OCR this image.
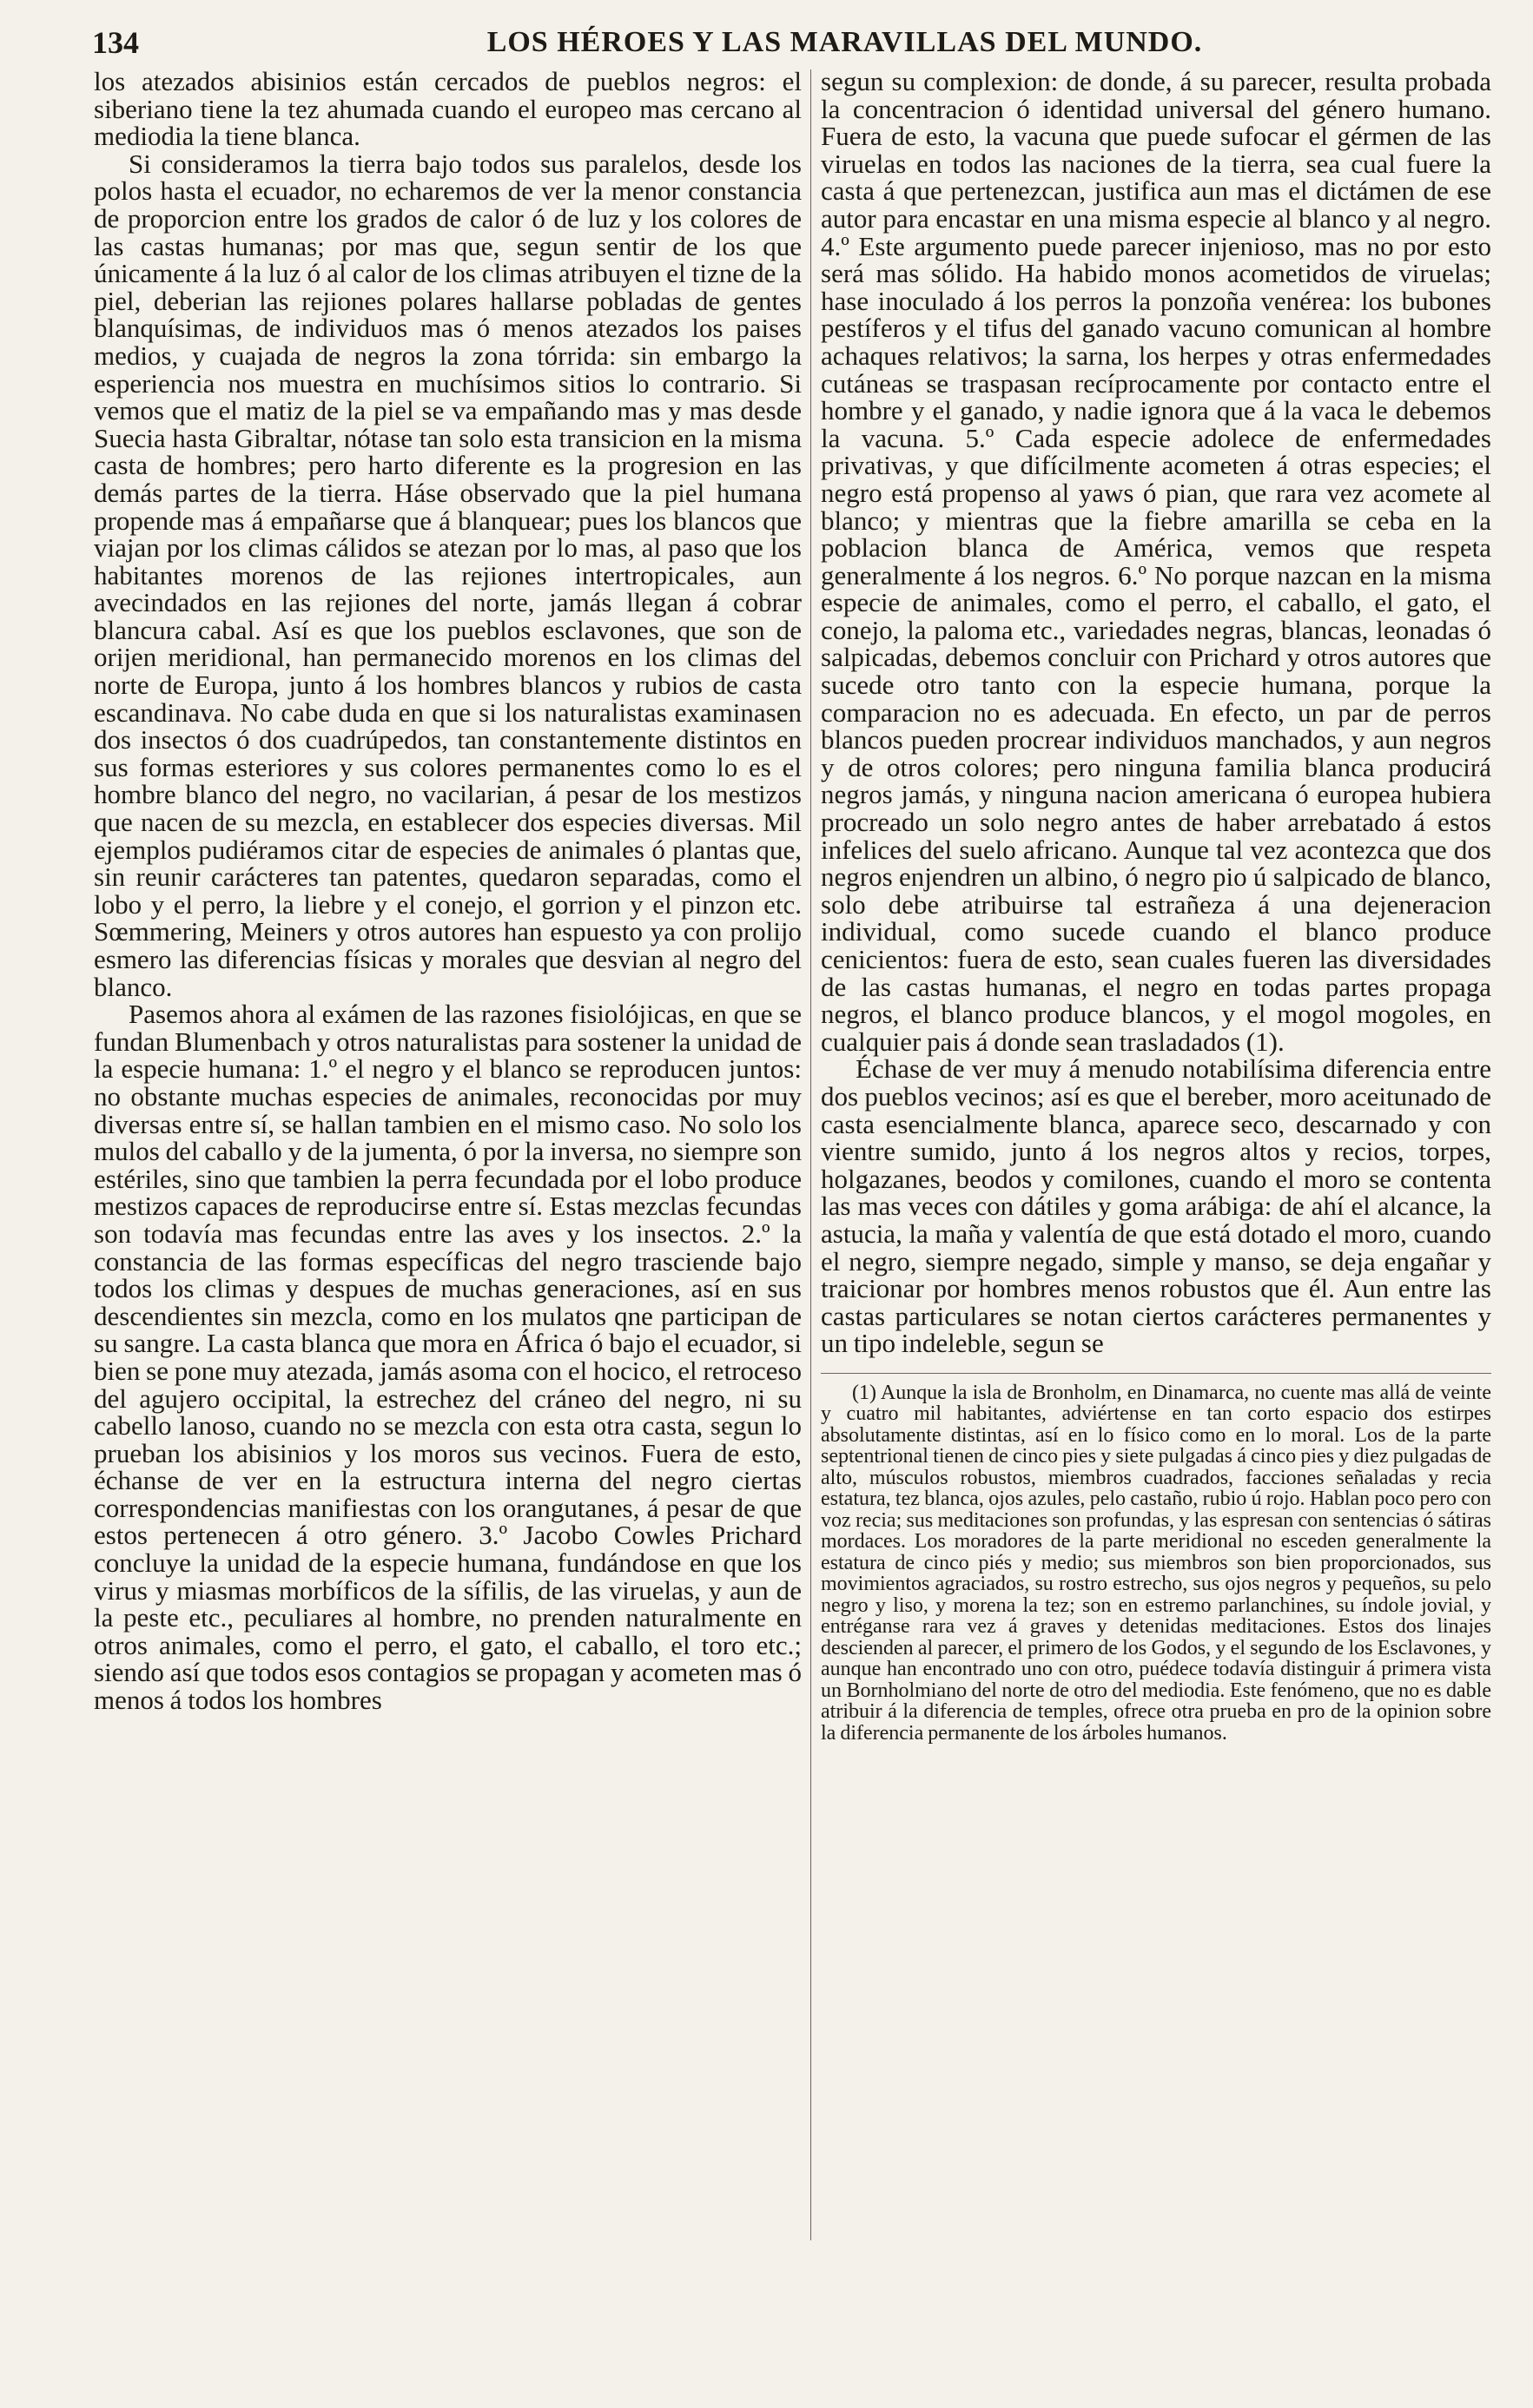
134	LOS HÉROES Y LAS MARAVILLAS DEL MUNDO.

los atezados abisinios están cercados de pueblos negros: el siberiano tiene la tez ahumada cuando el europeo mas cercano al mediodia la tiene blanca.

Si consideramos la tierra bajo todos sus paralelos, desde los polos hasta el ecuador, no echaremos de ver la menor constancia de proporcion entre los grados de calor ó de luz y los colores de las castas humanas; por mas que, segun sentir de los que únicamente á la luz ó al calor de los climas atribuyen el tizne de la piel, deberian las rejiones polares hallarse pobladas de gentes blanquísimas, de individuos mas ó menos atezados los paises medios, y cuajada de negros la zona tórrida: sin embargo la esperiencia nos muestra en muchísimos sitios lo contrario. Si vemos que el matiz de la piel se va empañando mas y mas desde Suecia hasta Gibraltar, nótase tan solo esta transicion en la misma casta de hombres; pero harto diferente es la progresion en las demás partes de la tierra. Háse observado que la piel humana propende mas á empañarse que á blanquear; pues los blancos que viajan por los climas cálidos se atezan por lo mas, al paso que los habitantes morenos de las rejiones intertropicales, aun avecindados en las rejiones del norte, jamás llegan á cobrar blancura cabal. Así es que los pueblos esclavones, que son de orijen meridional, han permanecido morenos en los climas del norte de Europa, junto á los hombres blancos y rubios de casta escandinava. No cabe duda en que si los naturalistas examinasen dos insectos ó dos cuadrúpedos, tan constantemente distintos en sus formas esteriores y sus colores permanentes como lo es el hombre blanco del negro, no vacilarian, á pesar de los mestizos que nacen de su mezcla, en establecer dos especies diversas. Mil ejemplos pudiéramos citar de especies de animales ó plantas que, sin reunir carácteres tan patentes, quedaron separadas, como el lobo y el perro, la liebre y el conejo, el gorrion y el pinzon etc. Sœmmering, Meiners y otros autores han espuesto ya con prolijo esmero las diferencias físicas y morales que desvian al negro del blanco.

Pasemos ahora al exámen de las razones fisiolójicas, en que se fundan Blumenbach y otros naturalistas para sostener la unidad de la especie humana: 1.º el negro y el blanco se reproducen juntos: no obstante muchas especies de animales, reconocidas por muy diversas entre sí, se hallan tambien en el mismo caso. No solo los mulos del caballo y de la jumenta, ó por la inversa, no siempre son estériles, sino que tambien la perra fecundada por el lobo produce mestizos capaces de reproducirse entre sí. Estas mezclas fecundas son todavía mas fecundas entre las aves y los insectos. 2.º la constancia de las formas específicas del negro trasciende bajo todos los climas y despues de muchas generaciones, así en sus descendientes sin mezcla, como en los mulatos qne participan de su sangre. La casta blanca que mora en África ó bajo el ecuador, si bien se pone muy atezada, jamás asoma con el hocico, el retroceso del agujero occipital, la estrechez del cráneo del negro, ni su cabello lanoso, cuando no se mezcla con esta otra casta, segun lo prueban los abisinios y los moros sus vecinos. Fuera de esto, échanse de ver en la estructura interna del negro ciertas correspondencias manifiestas con los orangutanes, á pesar de que estos pertenecen á otro género. 3.º Jacobo Cowles Prichard concluye la unidad de la especie humana, fundándose en que los virus y miasmas morbíficos de la sífilis, de las viruelas, y aun de la peste etc., peculiares al hombre, no prenden naturalmente en otros animales, como el perro, el gato, el caballo, el toro etc.; siendo así que todos esos contagios se propagan y acometen mas ó menos á todos los hombres

segun su complexion: de donde, á su parecer, resulta probada la concentracion ó identidad universal del género humano. Fuera de esto, la vacuna que puede sufocar el gérmen de las viruelas en todos las naciones de la tierra, sea cual fuere la casta á que pertenezcan, justifica aun mas el dictámen de ese autor para encastar en una misma especie al blanco y al negro. 4.º Este argumento puede parecer injenioso, mas no por esto será mas sólido. Ha habido monos acometidos de viruelas; hase inoculado á los perros la ponzoña venérea: los bubones pestíferos y el tifus del ganado vacuno comunican al hombre achaques relativos; la sarna, los herpes y otras enfermedades cutáneas se traspasan recíprocamente por contacto entre el hombre y el ganado, y nadie ignora que á la vaca le debemos la vacuna. 5.º Cada especie adolece de enfermedades privativas, y que difícilmente acometen á otras especies; el negro está propenso al yaws ó pian, que rara vez acomete al blanco; y mientras que la fiebre amarilla se ceba en la poblacion blanca de América, vemos que respeta generalmente á los negros. 6.º No porque nazcan en la misma especie de animales, como el perro, el caballo, el gato, el conejo, la paloma etc., variedades negras, blancas, leonadas ó salpicadas, debemos concluir con Prichard y otros autores que sucede otro tanto con la especie humana, porque la comparacion no es adecuada. En efecto, un par de perros blancos pueden procrear individuos manchados, y aun negros y de otros colores; pero ninguna familia blanca producirá negros jamás, y ninguna nacion americana ó europea hubiera procreado un solo negro antes de haber arrebatado á estos infelices del suelo africano. Aunque tal vez acontezca que dos negros enjendren un albino, ó negro pio ú salpicado de blanco, solo debe atribuirse tal estrañeza á una dejeneracion individual, como sucede cuando el blanco produce cenicientos: fuera de esto, sean cuales fueren las diversidades de las castas humanas, el negro en todas partes propaga negros, el blanco produce blancos, y el mogol mogoles, en cualquier pais á donde sean trasladados (1).

Échase de ver muy á menudo notabilísima diferencia entre dos pueblos vecinos; así es que el bereber, moro aceitunado de casta esencialmente blanca, aparece seco, descarnado y con vientre sumido, junto á los negros altos y recios, torpes, holgazanes, beodos y comilones, cuando el moro se contenta las mas veces con dátiles y goma arábiga: de ahí el alcance, la astucia, la maña y valentía de que está dotado el moro, cuando el negro, siempre negado, simple y manso, se deja engañar y traicionar por hombres menos robustos que él. Aun entre las castas particulares se notan ciertos carácteres permanentes y un tipo indeleble, segun se

(1) Aunque la isla de Bronholm, en Dinamarca, no cuente mas allá de veinte y cuatro mil habitantes, adviértense en tan corto espacio dos estirpes absolutamente distintas, así en lo físico como en lo moral. Los de la parte septentrional tienen de cinco pies y siete pulgadas á cinco pies y diez pulgadas de alto, músculos robustos, miembros cuadrados, facciones señaladas y recia estatura, tez blanca, ojos azules, pelo castaño, rubio ú rojo. Hablan poco pero con voz recia; sus meditaciones son profundas, y las espresan con sentencias ó sátiras mordaces. Los moradores de la parte meridional no esceden generalmente la estatura de cinco piés y medio; sus miembros son bien proporcionados, sus movimientos agraciados, su rostro estrecho, sus ojos negros y pequeños, su pelo negro y liso, y morena la tez; son en estremo parlanchines, su índole jovial, y entréganse rara vez á graves y detenidas meditaciones. Estos dos linajes descienden al parecer, el primero de los Godos, y el segundo de los Esclavones, y aunque han encontrado uno con otro, puédece todavía distinguir á primera vista un Bornholmiano del norte de otro del mediodia. Este fenómeno, que no es dable atribuir á la diferencia de temples, ofrece otra prueba en pro de la opinion sobre la diferencia permanente de los árboles humanos.
